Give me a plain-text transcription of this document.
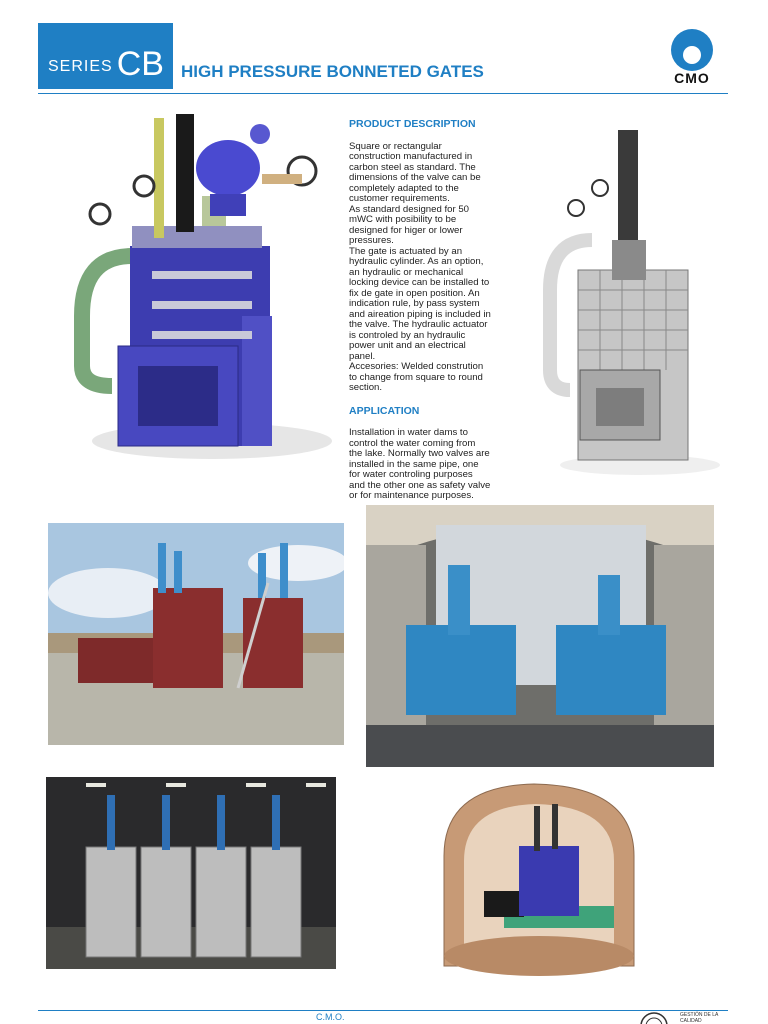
SERIES CB HIGH PRESSURE BONNETED GATES	CMO
PRODUCT DESCRIPTION

Square or rectangular
construction manufactured in
carbon steel as standard. The
dimensions of the valve can be
completely adapted to the
customer requirements.
As standard designed for 50
mWC with posibility to be
designed for higer or lower
pressures.
The gate is actuated by an
hydraulic cylinder. As an option,
an hydraulic or mechanical
locking device can be installed to
fix de gate in open position. An
indication rule, by pass system
and aireation piping is included in
the valve. The hydraulic actuator
is controled by an hydraulic
power unit and an electrical
panel.
Accesories: Welded constrution
to change from square to round
section.

APPLICATION

Installation in water dams to
control the water coming from
the lake. Normally two valves are
installed in the same pipe, one
for water controling purposes
and the other one as safety valve
or for maintenance purposes.

C.M.O.	GESTIÓN DE LA CALIDAD
